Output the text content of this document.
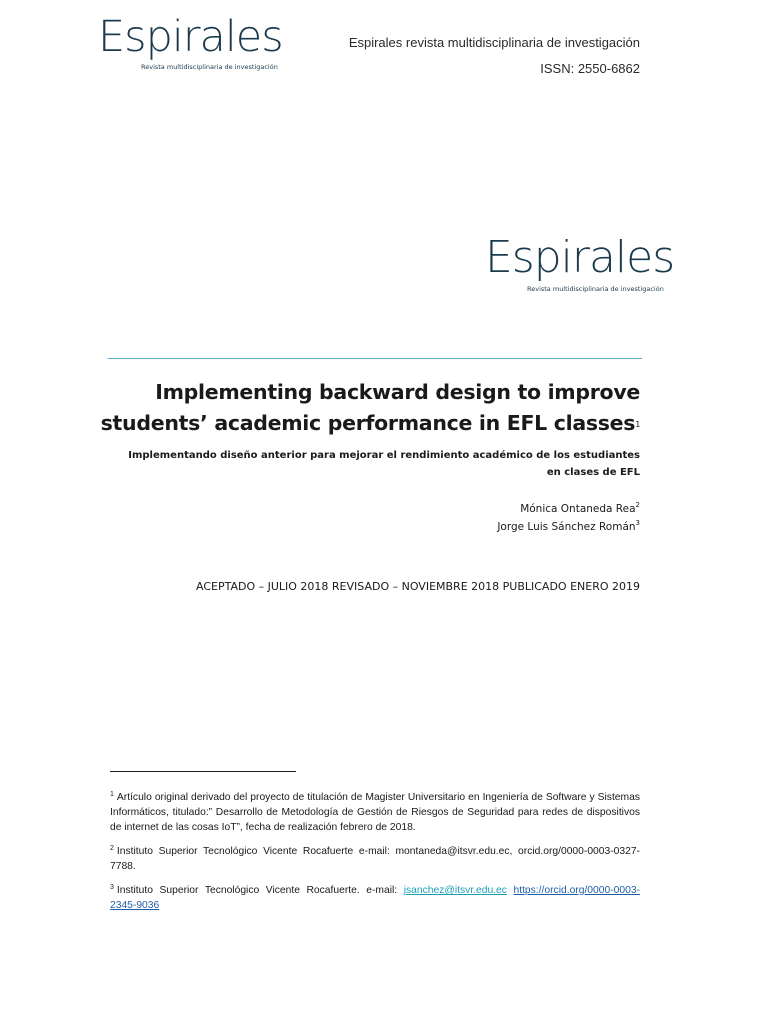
Espirales
Revista multidisciplinaria de investigación
Espirales revista multidisciplinaria de investigación
ISSN: 2550-6862
Espirales
Revista multidisciplinaria de investigación
Implementing backward design to improve students’ academic performance in EFL classes1
Implementando diseño anterior para mejorar el rendimiento académico de los estudiantes en clases de EFL
Mónica Ontaneda Rea$^2$
Jorge Luis Sánchez Román$^3$
ACEPTADO – JULIO 2018 REVISADO – NOVIEMBRE 2018 PUBLICADO ENERO 2019
$^1$ Artículo original derivado del proyecto de titulación de Magister Universitario en Ingeniería de Software y Sistemas Informáticos, titulado:” Desarrollo de Metodología de Gestión de Riesgos de Seguridad para redes de dispositivos de internet de las cosas IoT”, fecha de realización febrero de 2018.
$^2$ Instituto Superior Tecnológico Vicente Rocafuerte e-mail: montaneda@itsvr.edu.ec, orcid.org/0000-0003-0327-7788.
$^3$ Instituto Superior Tecnológico Vicente Rocafuerte. e-mail: jsanchez@itsvr.edu.ec https://orcid.org/0000-0003-2345-9036
